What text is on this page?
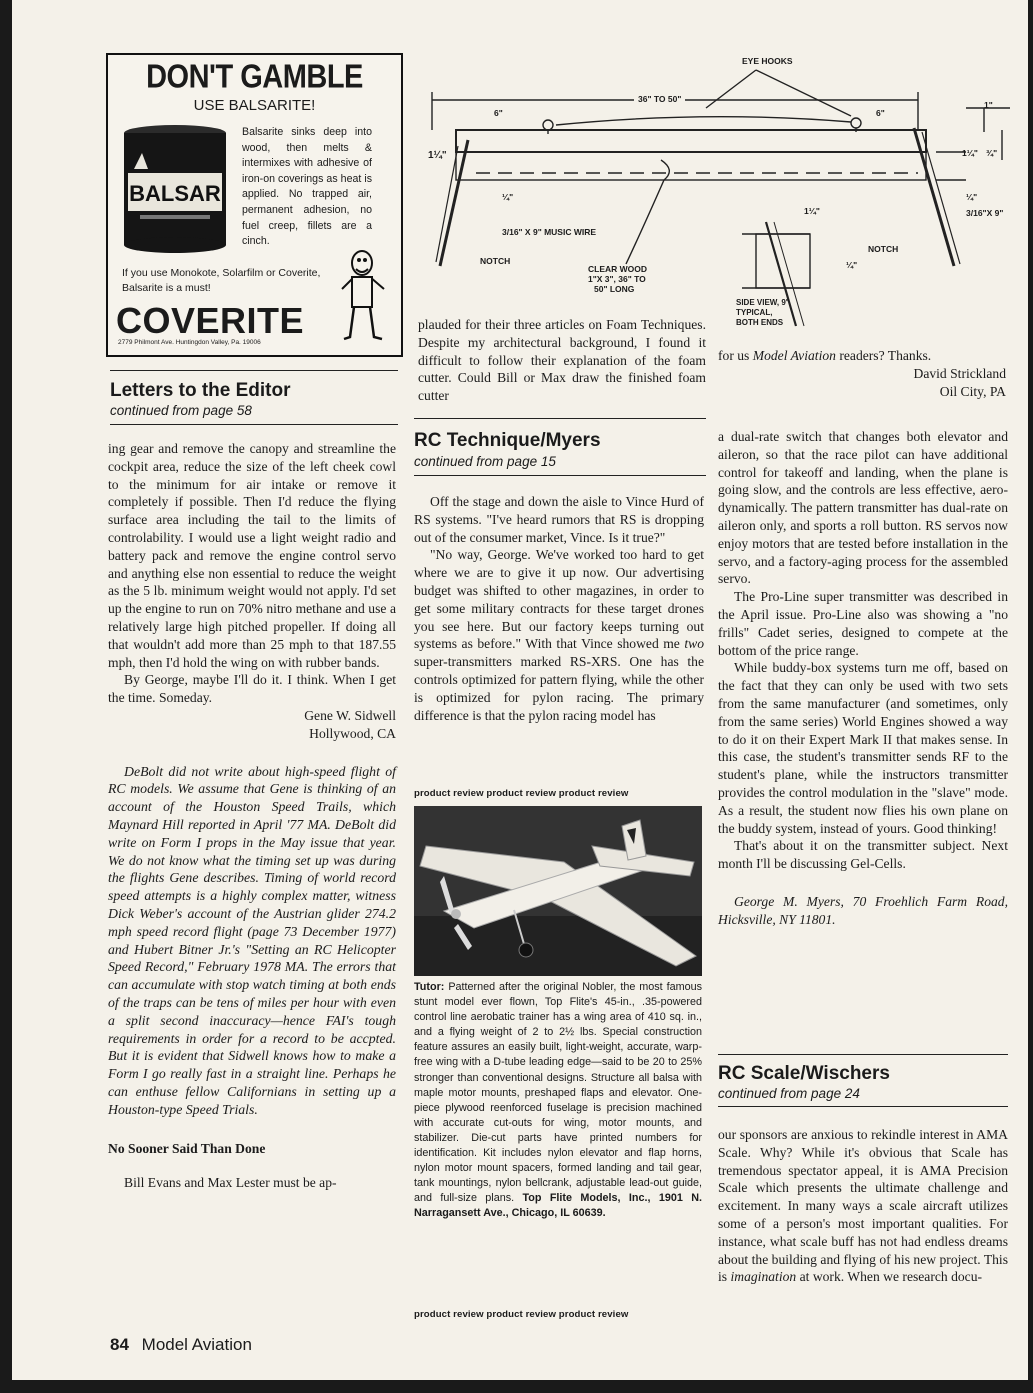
DON'T GAMBLE
USE BALSARITE!
BALSAR
Balsarite sinks deep into wood, then melts & intermixes with adhesive of iron-on coverings as heat is applied. No trapped air, permanent adhesion, no fuel creep, fillets are a cinch.
If you use Monokote, Solarfilm or Coverite, Balsarite is a must!
COVERITE
2779 Philmont Ave. Huntingdon Valley, Pa. 19006
EYE HOOKS
36" TO 50"
6"	6"
1"
1¼"	1¼" ¾"
¼"	¼"
3/16" X 9" MUSIC WIRE
3/16"X 9"
NOTCH
NOTCH
CLEAR WOOD
1"X 3", 36" TO
50" LONG
1¼"
¼"
SIDE VIEW, 9"
TYPICAL,
BOTH ENDS
Letters to the Editor
continued from page 58

ing gear and remove the canopy and streamline the cockpit area, reduce the size of the left cheek cowl to the minimum for air intake or remove it completely if possible. Then I'd reduce the flying surface area including the tail to the limits of controlability. I would use a light weight radio and battery pack and remove the engine control servo and anything else non essential to reduce the weight as the 5 lb. minimum weight would not apply. I'd set up the engine to run on 70% nitro methane and use a relatively large high pitched propeller. If doing all that wouldn't add more than 25 mph to that 187.55 mph, then I'd hold the wing on with rubber bands.

By George, maybe I'll do it. I think. When I get the time. Someday.

Gene W. Sidwell

Hollywood, CA

DeBolt did not write about high-speed flight of RC models. We assume that Gene is thinking of an account of the Houston Speed Trails, which Maynard Hill reported in April '77 MA. DeBolt did write on Form I props in the May issue that year. We do not know what the timing set up was during the flights Gene describes. Timing of world record speed attempts is a highly complex matter, witness Dick Weber's account of the Austrian glider 274.2 mph speed record flight (page 73 December 1977) and Hubert Bitner Jr.'s "Setting an RC Helicopter Speed Record," February 1978 MA. The errors that can accumulate with stop watch timing at both ends of the traps can be tens of miles per hour with even a split second inaccuracy—hence FAI's tough requirements in order for a record to be accpted. But it is evident that Sidwell knows how to make a Form I go really fast in a straight line. Perhaps he can enthuse fellow Californians in setting up a Houston-type Speed Trials.

No Sooner Said Than Done

Bill Evans and Max Lester must be ap-

plauded for their three articles on Foam Techniques. Despite my architectural background, I found it difficult to follow their explanation of the foam cutter. Could Bill or Max draw the finished foam cutter

for us Model Aviation readers? Thanks.

David Strickland

Oil City, PA

RC Technique/Myers
continued from page 15

Off the stage and down the aisle to Vince Hurd of RS systems. "I've heard rumors that RS is dropping out of the consumer market, Vince. Is it true?"

"No way, George. We've worked too hard to get where we are to give it up now. Our advertising budget was shifted to other magazines, in order to get some military contracts for these target drones you see here. But our factory keeps turning out systems as before." With that Vince showed me two super-transmitters marked RS-XRS. One has the controls optimized for pattern flying, while the other is optimized for pylon racing. The primary difference is that the pylon racing model has

product review product review product review
Tutor: Patterned after the original Nobler, the most famous stunt model ever flown, Top Flite's 45-in., .35-powered control line aerobatic trainer has a wing area of 410 sq. in., and a flying weight of 2 to 2½ lbs. Special construction feature assures an easily built, light-weight, accurate, warp-free wing with a D-tube leading edge—said to be 20 to 25% stronger than conventional designs. Structure all balsa with maple motor mounts, preshaped flaps and elevator. One-piece plywood reenforced fuselage is precision machined with accurate cut-outs for wing, motor mounts, and stabilizer. Die-cut parts have printed numbers for identification. Kit includes nylon elevator and flap horns, nylon motor mount spacers, formed landing and tail gear, tank mountings, nylon bellcrank, adjustable lead-out guide, and full-size plans. Top Flite Models, Inc., 1901 N. Narragansett Ave., Chicago, IL 60639.
product review product review product review

a dual-rate switch that changes both elevator and aileron, so that the race pilot can have additional control for takeoff and landing, when the plane is going slow, and the controls are less effective, aero-dynamically. The pattern transmitter has dual-rate on aileron only, and sports a roll button. RS servos now enjoy motors that are tested before installation in the servo, and a factory-aging process for the assembled servo.

The Pro-Line super transmitter was described in the April issue. Pro-Line also was showing a "no frills" Cadet series, designed to compete at the bottom of the price range.

While buddy-box systems turn me off, based on the fact that they can only be used with two sets from the same manufacturer (and sometimes, only from the same series) World Engines showed a way to do it on their Expert Mark II that makes sense. In this case, the student's transmitter sends RF to the student's plane, while the instructors transmitter provides the control modulation in the "slave" mode. As a result, the student now flies his own plane on the buddy system, instead of yours. Good thinking!

That's about it on the transmitter subject. Next month I'll be discussing Gel-Cells.

George M. Myers, 70 Froehlich Farm Road, Hicksville, NY 11801.

RC Scale/Wischers
continued from page 24

our sponsors are anxious to rekindle interest in AMA Scale. Why? While it's obvious that Scale has tremendous spectator appeal, it is AMA Precision Scale which presents the ultimate challenge and excitement. In many ways a scale aircraft utilizes some of a person's most important qualities. For instance, what scale buff has not had endless dreams about the building and flying of his new project. This is imagination at work. When we research docu-

84 Model Aviation
